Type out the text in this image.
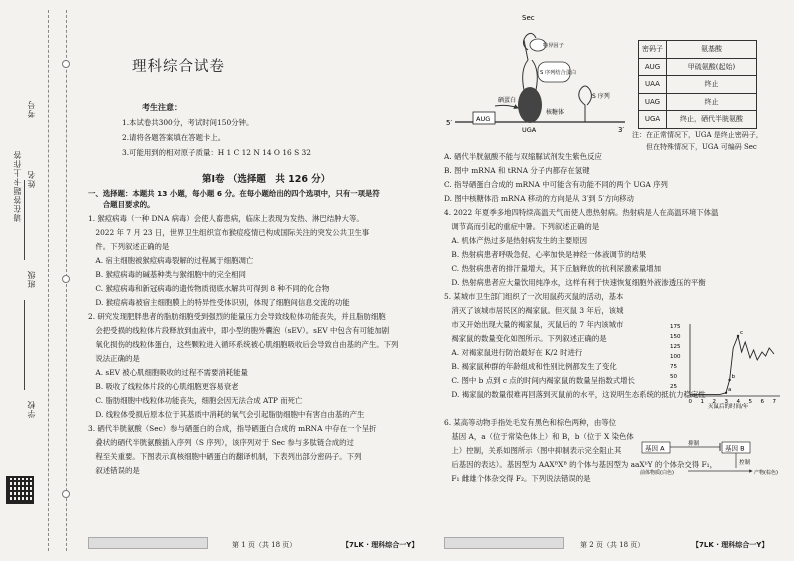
请在答题卡上作答
学校
班级
姓名
考号
理科综合试卷
考生注意：
1.本试卷共300分，考试时间150分钟。
2.请将各题答案填在答题卡上。
3.可能用到的相对原子质量：H 1 C 12 N 14 O 16 S 32
第Ⅰ卷 （选择题　共 126 分）
一、选择题：本题共 13 小题，每小题 6 分。在每小题给出的四个选项中，只有一项是符
　　合题目要求的。
1. 猴痘病毒（一种 DNA 病毒）会使人畜患病，临床上表现为发热、淋巴结肿大等。
　2022 年 7 月 23 日，世界卫生组织宣布猴痘疫情已构成国际关注的突发公共卫生事
　件。下列叙述正确的是
　A. 宿主细胞被猴痘病毒裂解的过程属于细胞凋亡
　B. 猴痘病毒的碱基种类与猴细胞中的完全相同
　C. 猴痘病毒和新冠病毒的遗传物质彻底水解共可得到 8 种不同的化合物
　D. 猴痘病毒被宿主细胞膜上的特异性受体识别，体现了细胞间信息交流的功能
2. 研究发现肥胖患者的脂肪细胞受到强烈的能量压力会导致线粒体功能丧失，并且脂肪细胞
　会把受损的线粒体片段释放到血液中，即小型的胞外囊泡（sEV）。sEV 中包含有可能加剧
　氧化损伤的线粒体蛋白，这些颗粒进入循环系统被心肌细胞吸收后会导致自由基的产生。下列
　说法正确的是
　A. sEV 被心肌细胞吸收的过程不需要消耗能量
　B. 吸收了线粒体片段的心肌细胞更容易衰老
　C. 脂肪细胞中线粒体功能丧失，细胞会因无法合成 ATP 而死亡
　D. 线粒体受损后原本位于其基质中消耗的氧气会引起脂肪细胞中有害自由基的产生
3. 硒代半胱氨酸（Sec）参与硒蛋白的合成，指导硒蛋白合成的 mRNA 中存在一个呈折
　叠状的硒代半胱氨酸插入序列（S 序列），该序列对于 Sec 参与多肽链合成的过
　程至关重要。下图表示真核细胞中硒蛋白的翻译机制，下表列出部分密码子。下列
　叙述错误的是
第 1 页（共 18 页）	【7LK · 理科综合一Y】
Sec
特异因子
S 序列结合蛋白
硒蛋白
S 序列
核糖体
5′
3′
AUG
UGA
密码子	氨基酸
AUG	甲硫氨酸(起始)
UAA	终止
UAG	终止
UGA	终止，硒代半胱氨酸
注：在正常情况下，UGA 是终止密码子，
　　但在特殊情况下，UGA 可编码 Sec
A. 硒代半胱氨酸不能与双缩脲试剂发生紫色反应
B. 图中 mRNA 和 tRNA 分子内都存在氢键
C. 指导硒蛋白合成的 mRNA 中可能含有功能不同的两个 UGA 序列
D. 图中核糖体沿 mRNA 移动的方向是从 3′到 5′方向移动
4. 2022 年夏季多地四特续高温天气而使人患热射病。热射病是人在高温环境下体温
　调节高而引起的重症中暑。下列叙述正确的是
　A. 机体产热过多是热射病发生的主要原因
　B. 热射病患者呼吸急促、心率加快是神经一体液调节的结果
　C. 热射病患者的排汗量增大，其下丘脑释放的抗利尿激素量增加
　D. 热射病患者应大量饮用纯净水，这样有利于快速恢复细胞外液渗透压的平衡
5. 某城市卫生部门组织了一次用鼠药灭鼠的活动，基本
　消灭了该城市居民区的褐家鼠。但灭鼠 3 年后，该城
　市又开始出现大量的褐家鼠，灭鼠后的 7 年内该城市
　褐家鼠的数量变化如图所示。下列叙述正确的是
　A. 对褐家鼠进行防治最好在 K/2 时进行
　B. 褐家鼠种群的年龄组成和性别比例都发生了变化
　C. 图中 b 点到 c 点的时间内褐家鼠的数量呈指数式增长
　D. 褐家鼠的数量很难再回落到灭鼠前的水平，这说明生态系统的抵抗力稳定性
6. 某高等动物手指处毛发有黑色和棕色两种，由等位
　基因 A，a（位于常染色体上）和 B，b（位于 X 染色体
　上）控制，关系如图所示（图中抑制表示完全阻止其
　后基因的表达）。基因型为 AAXᴮXᴮ 的个体与基因型为 aaXᵇY 的个体杂交得 F₁，
　F₁ 雌雄个体杂交得 F₂。下列说法错误的是
第 2 页（共 18 页）	【7LK · 理科综合一Y】
基因 A
抑制
基因 B
控制
前体物质(白色)	产物(棕色)
0 1 2 3 4 5 6 7
25
50
75
100
125
150
175
a
b
c
灭鼠后的时间/年
